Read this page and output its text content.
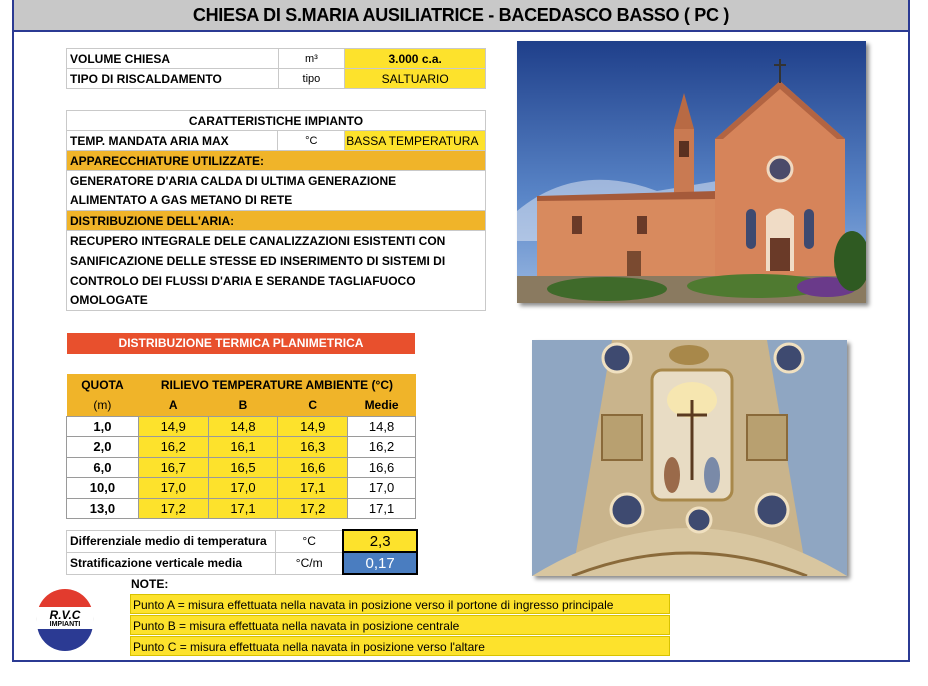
CHIESA DI S.MARIA AUSILIATRICE - BACEDASCO BASSO ( PC )
VOLUME CHIESA	m³	3.000 c.a.
TIPO DI RISCALDAMENTO	tipo	SALTUARIO
CARATTERISTICHE IMPIANTO
TEMP. MANDATA ARIA MAX	°C	BASSA TEMPERATURA
APPARECCHIATURE UTILIZZATE:
GENERATORE D'ARIA CALDA DI ULTIMA GENERAZIONE
ALIMENTATO A GAS METANO DI RETE
DISTRIBUZIONE DELL'ARIA:
RECUPERO INTEGRALE DELE CANALIZZAZIONI ESISTENTI CON
SANIFICAZIONE DELLE STESSE ED INSERIMENTO DI SISTEMI DI
CONTROLO DEI FLUSSI D'ARIA E SERANDE TAGLIAFUOCO
OMOLOGATE
DISTRIBUZIONE TERMICA PLANIMETRICA
QUOTA	RILIEVO TEMPERATURE AMBIENTE (°C)			
(m)	A	B	C	Medie
1,0	14,9	14,8	14,9	14,8
2,0	16,2	16,1	16,3	16,2
6,0	16,7	16,5	16,6	16,6
10,0	17,0	17,0	17,1	17,0
13,0	17,2	17,1	17,2	17,1
Differenziale medio di temperatura	°C	2,3
Stratificazione verticale media	°C/m	0,17
NOTE:
Punto A = misura effettuata nella navata in posizione verso il portone di ingresso principale
Punto B = misura effettuata nella navata in posizione centrale
Punto C = misura effettuata nella navata in posizione verso l'altare
R.V.C
IMPIANTI
